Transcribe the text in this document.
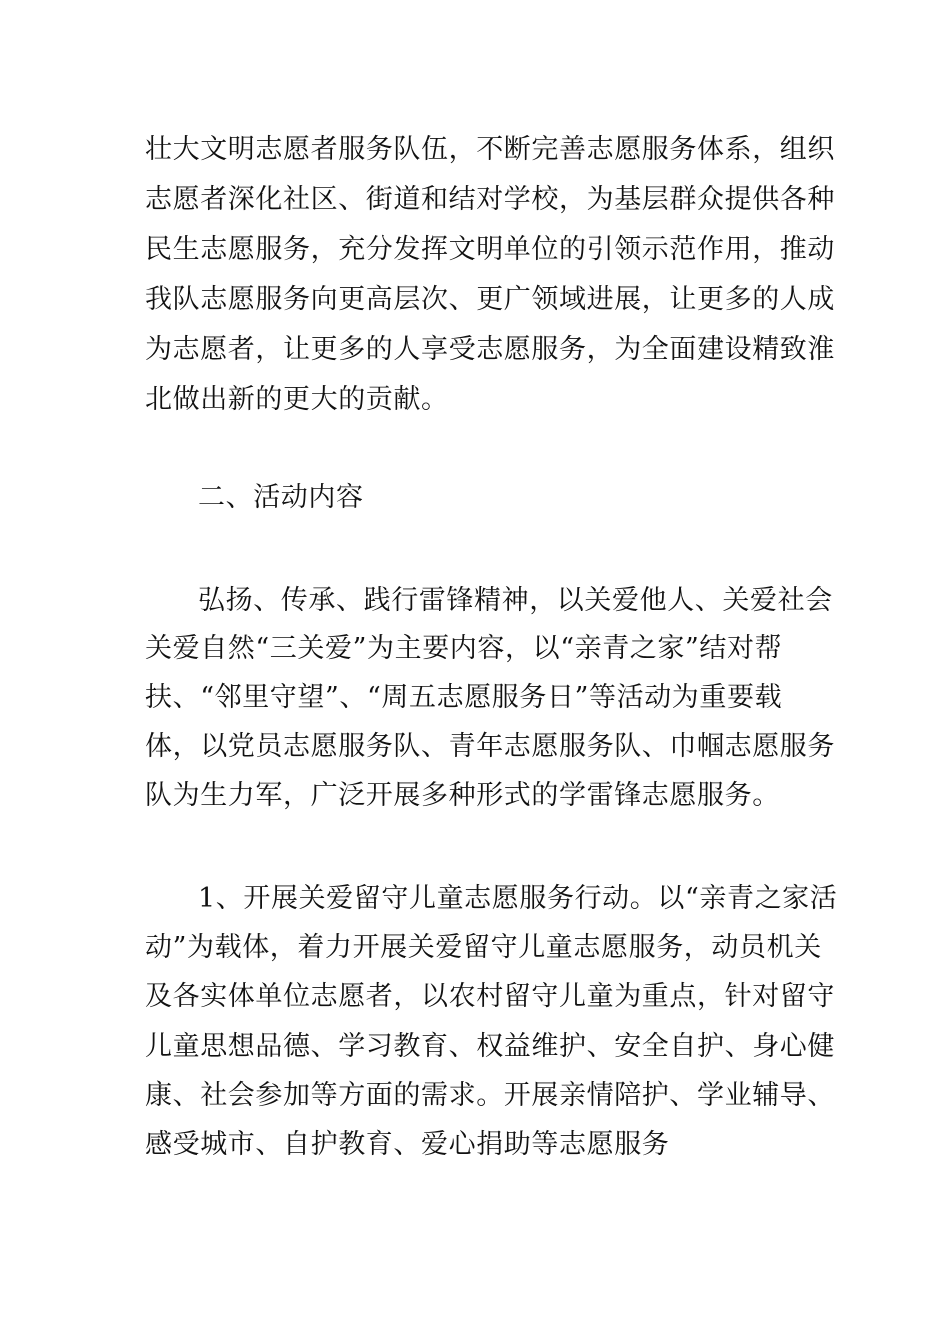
壮大文明志愿者服务队伍，不断完善志愿服务体系，组织
志愿者深化社区、街道和结对学校，为基层群众提供各种
民生志愿服务，充分发挥文明单位的引领示范作用，推动
我队志愿服务向更高层次、更广领域进展，让更多的人成
为志愿者，让更多的人享受志愿服务，为全面建设精致淮
北做出新的更大的贡献。
二、活动内容
弘扬、传承、践行雷锋精神，以关爱他人、关爱社会
关爱自然“三关爱”为主要内容，以“亲青之家”结对帮
扶、“邻里守望”、“周五志愿服务日”等活动为重要载
体，以党员志愿服务队、青年志愿服务队、巾帼志愿服务
队为生力军，广泛开展多种形式的学雷锋志愿服务。
1、开展关爱留守儿童志愿服务行动。以“亲青之家活
动”为载体，着力开展关爱留守儿童志愿服务，动员机关
及各实体单位志愿者，以农村留守儿童为重点，针对留守
儿童思想品德、学习教育、权益维护、安全自护、身心健
康、社会参加等方面的需求。开展亲情陪护、学业辅导、
感受城市、自护教育、爱心捐助等志愿服务
